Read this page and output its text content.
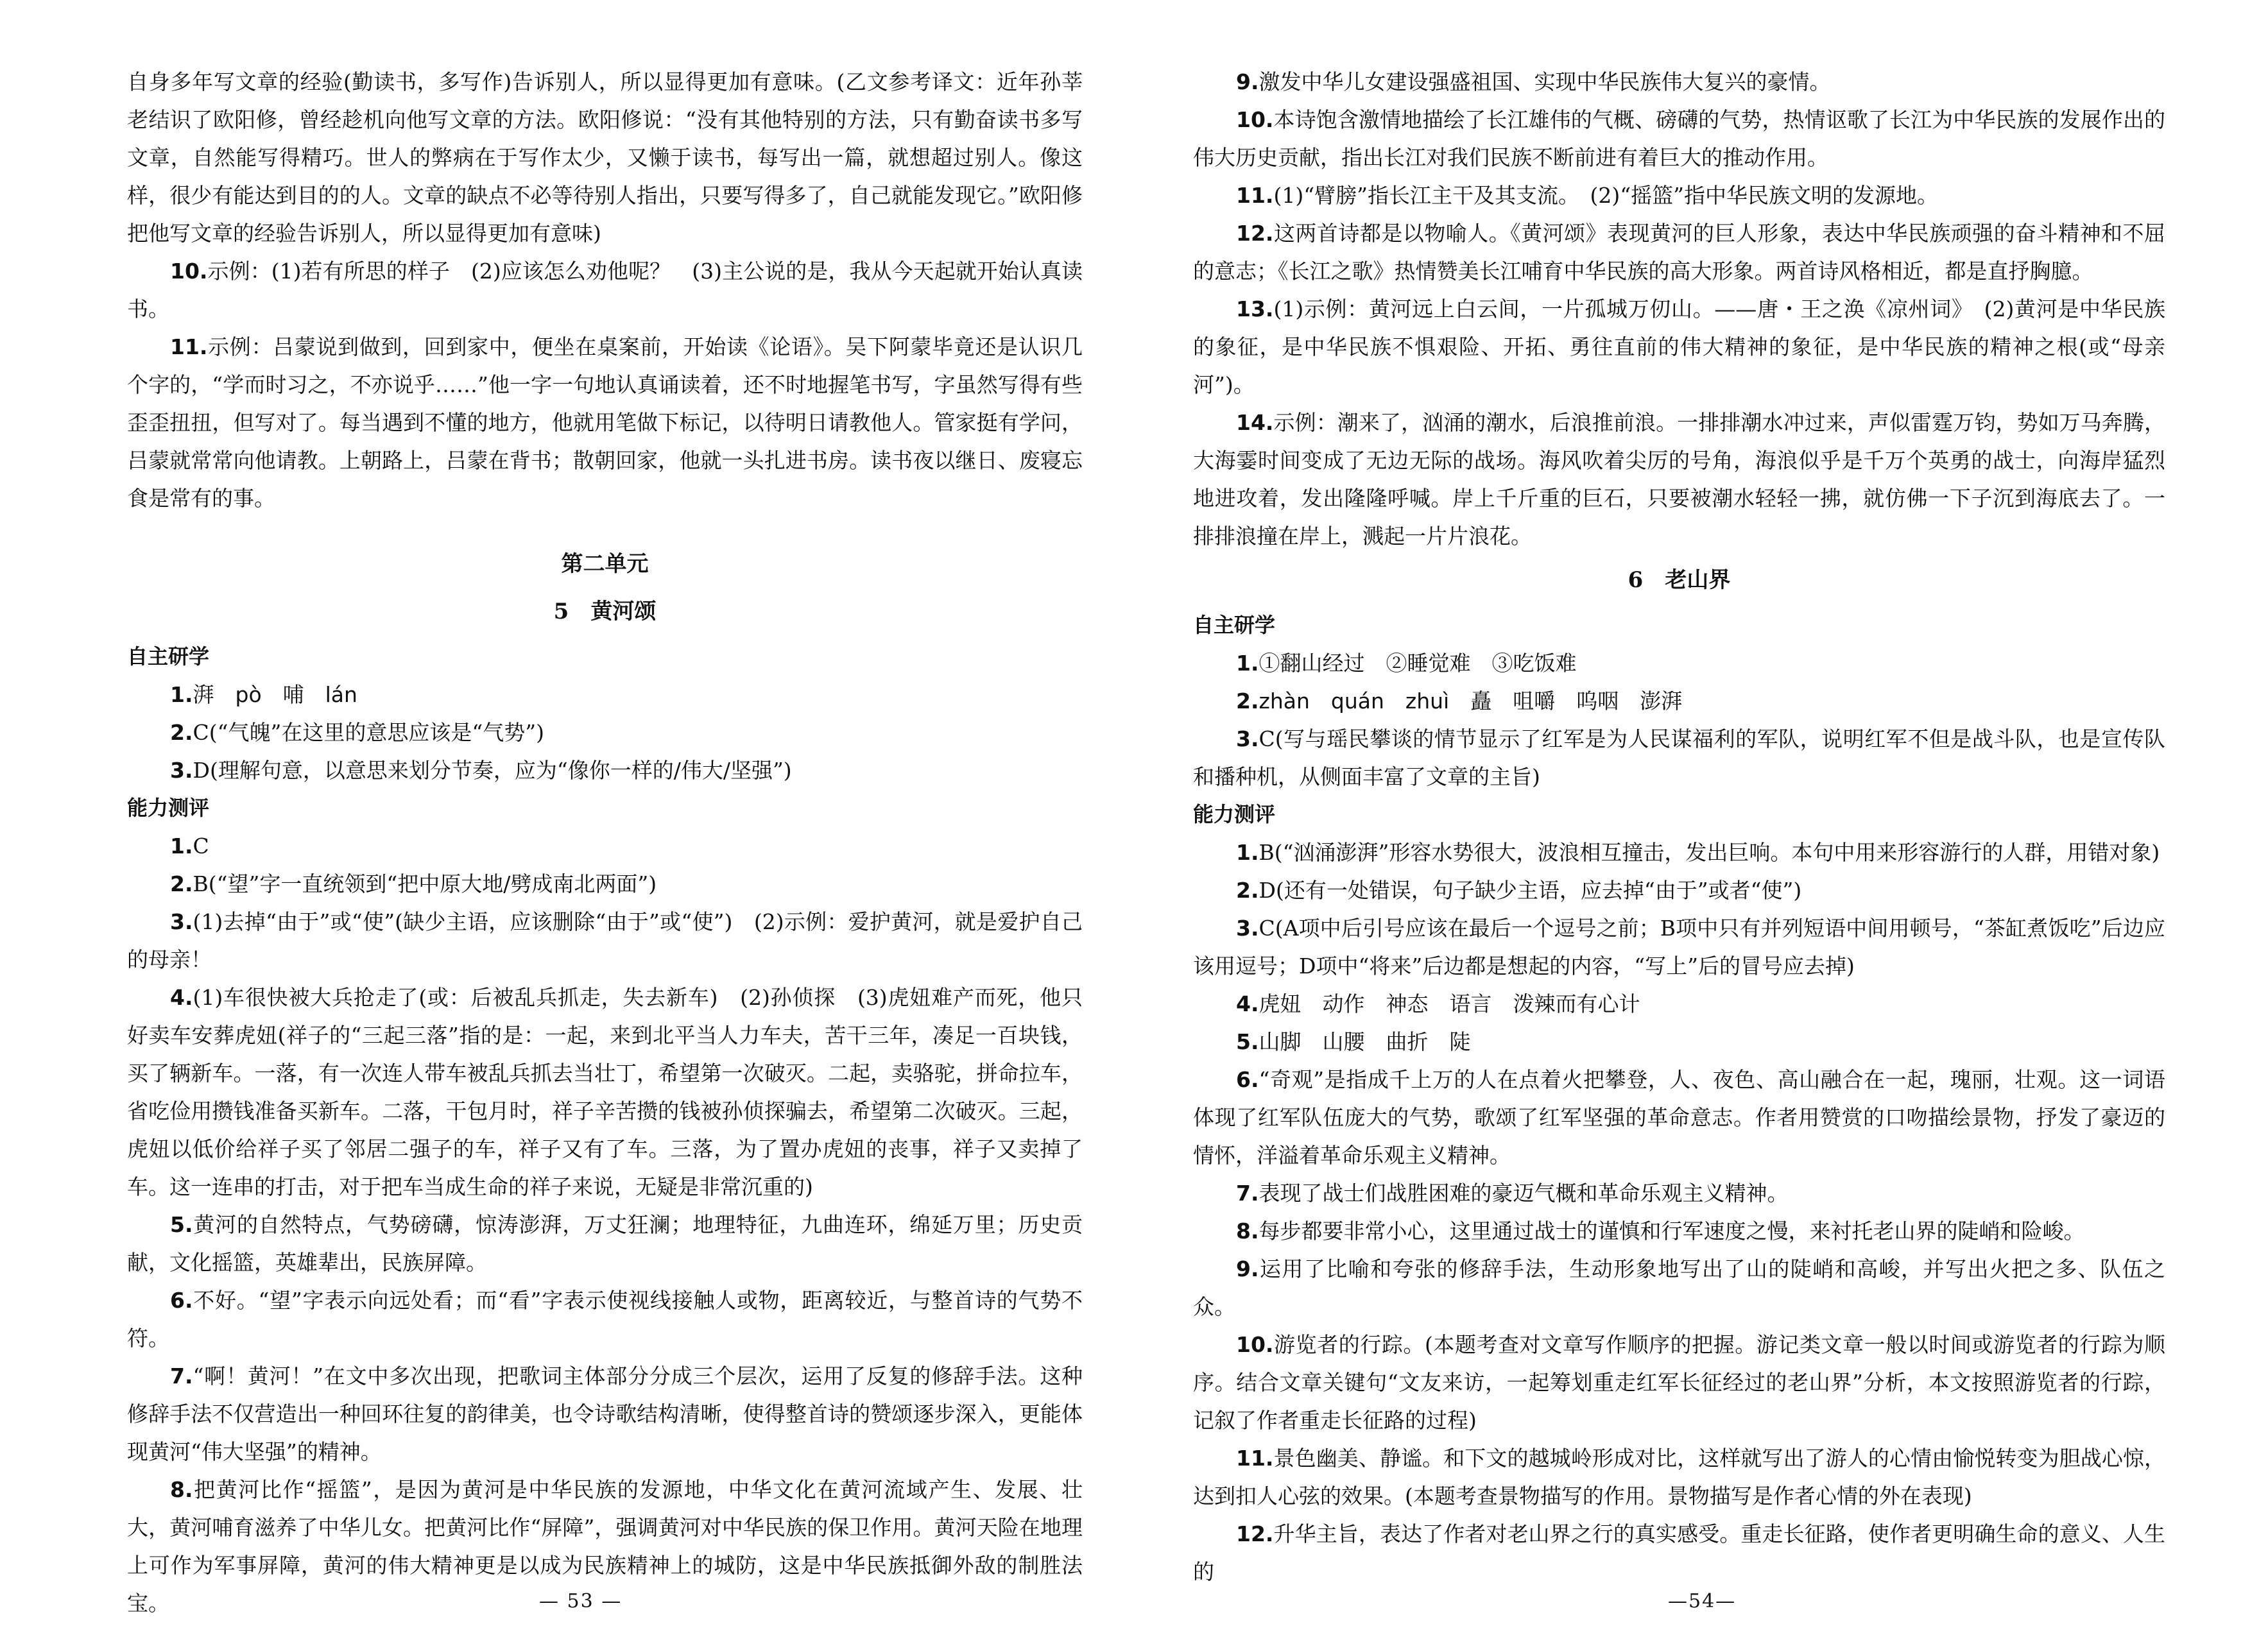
自身多年写文章的经验(勤读书，多写作)告诉别人，所以显得更加有意味。(乙文参考译文：近年孙莘老结识了欧阳修，曾经趁机向他写文章的方法。欧阳修说：“没有其他特别的方法，只有勤奋读书多写文章，自然能写得精巧。世人的弊病在于写作太少，又懒于读书，每写出一篇，就想超过别人。像这样，很少有能达到目的的人。文章的缺点不必等待别人指出，只要写得多了，自己就能发现它。”欧阳修把他写文章的经验告诉别人，所以显得更加有意味)

10.示例：(1)若有所思的样子　(2)应该怎么劝他呢？　(3)主公说的是，我从今天起就开始认真读书。

11.示例：吕蒙说到做到，回到家中，便坐在桌案前，开始读《论语》。吴下阿蒙毕竟还是认识几个字的，“学而时习之，不亦说乎……”他一字一句地认真诵读着，还不时地握笔书写，字虽然写得有些歪歪扭扭，但写对了。每当遇到不懂的地方，他就用笔做下标记，以待明日请教他人。管家挺有学问，吕蒙就常常向他请教。上朝路上，吕蒙在背书；散朝回家，他就一头扎进书房。读书夜以继日、废寝忘食是常有的事。

第二单元
5　黄河颂

自主研学

1.湃　pò　哺　lán

2.C(“气魄”在这里的意思应该是“气势”)

3.D(理解句意，以意思来划分节奏，应为“像你一样的/伟大/坚强”)

能力测评

1.C

2.B(“望”字一直统领到“把中原大地/劈成南北两面”)

3.(1)去掉“由于”或“使”(缺少主语，应该删除“由于”或“使”)　(2)示例：爱护黄河，就是爱护自己的母亲！

4.(1)车很快被大兵抢走了(或：后被乱兵抓走，失去新车)　(2)孙侦探　(3)虎妞难产而死，他只好卖车安葬虎妞(祥子的“三起三落”指的是：一起，来到北平当人力车夫，苦干三年，凑足一百块钱，买了辆新车。一落，有一次连人带车被乱兵抓去当壮丁，希望第一次破灭。二起，卖骆驼，拼命拉车，省吃俭用攒钱准备买新车。二落，干包月时，祥子辛苦攒的钱被孙侦探骗去，希望第二次破灭。三起，虎妞以低价给祥子买了邻居二强子的车，祥子又有了车。三落，为了置办虎妞的丧事，祥子又卖掉了车。这一连串的打击，对于把车当成生命的祥子来说，无疑是非常沉重的)

5.黄河的自然特点，气势磅礴，惊涛澎湃，万丈狂澜；地理特征，九曲连环，绵延万里；历史贡献，文化摇篮，英雄辈出，民族屏障。

6.不好。“望”字表示向远处看；而“看”字表示使视线接触人或物，距离较近，与整首诗的气势不符。

7.“啊！黄河！”在文中多次出现，把歌词主体部分分成三个层次，运用了反复的修辞手法。这种修辞手法不仅营造出一种回环往复的韵律美，也令诗歌结构清晰，使得整首诗的赞颂逐步深入，更能体现黄河“伟大坚强”的精神。

8.把黄河比作“摇篮”，是因为黄河是中华民族的发源地，中华文化在黄河流域产生、发展、壮大，黄河哺育滋养了中华儿女。把黄河比作“屏障”，强调黄河对中华民族的保卫作用。黄河天险在地理上可作为军事屏障，黄河的伟大精神更是以成为民族精神上的城防，这是中华民族抵御外敌的制胜法宝。	— 53 —

9.激发中华儿女建设强盛祖国、实现中华民族伟大复兴的豪情。

10.本诗饱含激情地描绘了长江雄伟的气概、磅礴的气势，热情讴歌了长江为中华民族的发展作出的伟大历史贡献，指出长江对我们民族不断前进有着巨大的推动作用。

11.(1)“臂膀”指长江主干及其支流。　(2)“摇篮”指中华民族文明的发源地。

12.这两首诗都是以物喻人。《黄河颂》表现黄河的巨人形象，表达中华民族顽强的奋斗精神和不屈的意志；《长江之歌》热情赞美长江哺育中华民族的高大形象。两首诗风格相近，都是直抒胸臆。

13.(1)示例：黄河远上白云间，一片孤城万仞山。——唐・王之涣《凉州词》　(2)黄河是中华民族的象征，是中华民族不惧艰险、开拓、勇往直前的伟大精神的象征，是中华民族的精神之根(或“母亲河”)。

14.示例：潮来了，汹涌的潮水，后浪推前浪。一排排潮水冲过来，声似雷霆万钧，势如万马奔腾，大海霎时间变成了无边无际的战场。海风吹着尖厉的号角，海浪似乎是千万个英勇的战士，向海岸猛烈地进攻着，发出隆隆呼喊。岸上千斤重的巨石，只要被潮水轻轻一拂，就仿佛一下子沉到海底去了。一排排浪撞在岸上，溅起一片片浪花。

6　老山界

自主研学

1.①翻山经过　②睡觉难　③吃饭难

2.zhàn　quán　zhuì　矗　咀嚼　呜咽　澎湃

3.C(写与瑶民攀谈的情节显示了红军是为人民谋福利的军队，说明红军不但是战斗队，也是宣传队和播种机，从侧面丰富了文章的主旨)

能力测评

1.B(“汹涌澎湃”形容水势很大，波浪相互撞击，发出巨响。本句中用来形容游行的人群，用错对象)

2.D(还有一处错误，句子缺少主语，应去掉“由于”或者“使”)

3.C(A项中后引号应该在最后一个逗号之前；B项中只有并列短语中间用顿号，“茶缸煮饭吃”后边应该用逗号；D项中“将来”后边都是想起的内容，“写上”后的冒号应去掉)

4.虎妞　动作　神态　语言　泼辣而有心计

5.山脚　山腰　曲折　陡

6.“奇观”是指成千上万的人在点着火把攀登，人、夜色、高山融合在一起，瑰丽，壮观。这一词语体现了红军队伍庞大的气势，歌颂了红军坚强的革命意志。作者用赞赏的口吻描绘景物，抒发了豪迈的情怀，洋溢着革命乐观主义精神。

7.表现了战士们战胜困难的豪迈气概和革命乐观主义精神。

8.每步都要非常小心，这里通过战士的谨慎和行军速度之慢，来衬托老山界的陡峭和险峻。

9.运用了比喻和夸张的修辞手法，生动形象地写出了山的陡峭和高峻，并写出火把之多、队伍之众。

10.游览者的行踪。(本题考查对文章写作顺序的把握。游记类文章一般以时间或游览者的行踪为顺序。结合文章关键句“文友来访，一起筹划重走红军长征经过的老山界”分析，本文按照游览者的行踪，记叙了作者重走长征路的过程)

11.景色幽美、静谧。和下文的越城岭形成对比，这样就写出了游人的心情由愉悦转变为胆战心惊，达到扣人心弦的效果。(本题考查景物描写的作用。景物描写是作者心情的外在表现)

12.升华主旨，表达了作者对老山界之行的真实感受。重走长征路，使作者更明确生命的意义、人生的

—54—
